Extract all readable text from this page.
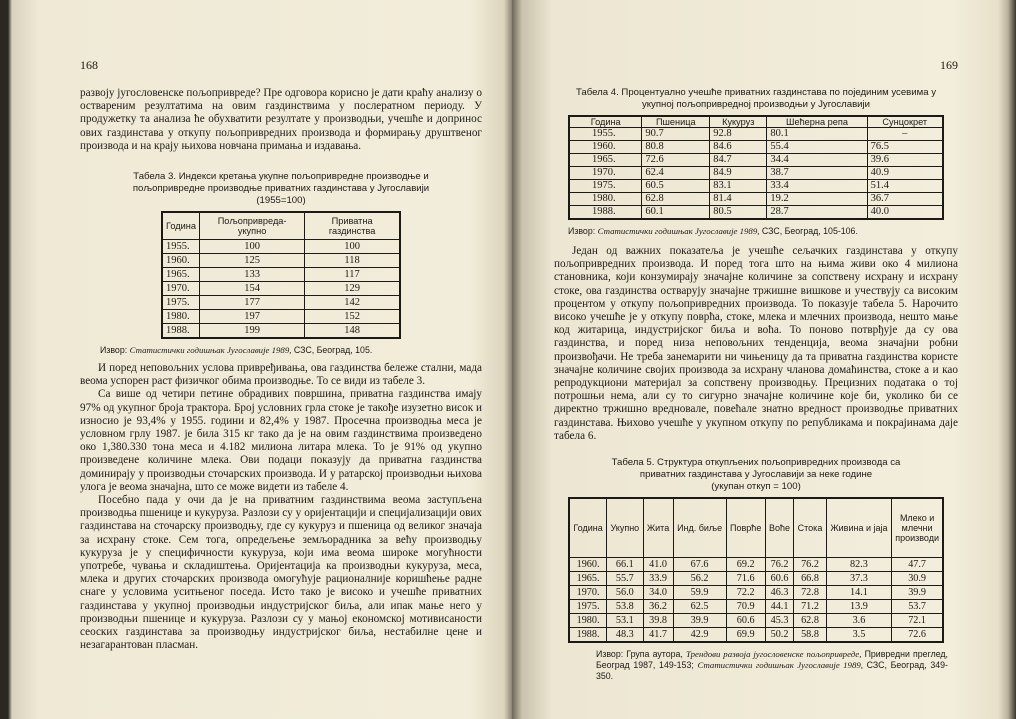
168

развоју југословенске пољопривреде? Пре одговора корисно је дати краћу анализу о оствареним резултатима на овим газдинствима у послератном периоду. У продужетку та анализа ће обухватити резултате у производњи, учешће и допринос ових газдинстава у откупу пољопривредних производа и формирању друштвеног производа и на крају њихова новчана примања и издавања.

Табела 3. Индекси кретања укупне пољопривредне производње и

пољопривредне производње приватних газдинстава у Југославији

(1955=100)

Година	Пољопривреда- укупно	Приватна газдинства
1955.	100	100
1960.	125	118
1965.	133	117
1970.	154	129
1975.	177	142
1980.	197	152
1988.	199	148

Извор: Статистички годишњак Југославије 1989, СЗС, Београд, 105.

И поред неповољних услова привређивања, ова газдинства бележе стални, мада веома успорен раст физичког обима производње. То се види из табеле 3.

Са више од четири петине обрадивих површина, приватна газдинства имају 97% од укупног броја трактора. Број условних грла стоке је такође изузетно висок и износио је 93,4% у 1955. години и 82,4% у 1987. Просечна производња меса је условном грлу 1987. је била 315 кг тако да је на овим газдинствима произведено око 1,380.330 тона меса и 4.182 милиона литара млека. То је 91% од укупно произведене количине млека. Ови подаци показују да приватна газдинства доминирају у производњи сточарских производа. И у ратарској производњи њихова улога је веома значајна, што се може видети из табеле 4.

Посебно пада у очи да је на приватним газдинствима веома заступљена производња пшенице и кукуруза. Разлози су у оријентацији и специјализацији ових газдинстава на сточарску производњу, где су кукуруз и пшеница од великог значаја за исхрану стоке. Сем тога, опредељење земљорадника за већу производњу кукуруза је у специфичности кукуруза, који има веома широке могућности употребе, чувања и складиштења. Оријентација ка производњи кукуруза, меса, млека и других сточарских производа омогућује рационалније коришћење радне снаге у условима уситњеног поседа. Исто тако је високо и учешће приватних газдинстава у укупној производњи индустријског биља, али ипак мање него у производњи пшенице и кукуруза. Разлози су у мањој економској мотивисаности сеоских газдинстава за производњу индустријског биља, нестабилне цене и незагарантован пласман.

169

Табела 4. Процентуално учешће приватних газдинстава по појединим усевима у укупној пољопривредној производњи у Југославији

Година	Пшеница	Кукуруз	Шећерна репа	Сунцокрет
1955.	90.7	92.8	80.1	–
1960.	80.8	84.6	55.4	76.5
1965.	72.6	84.7	34.4	39.6
1970.	62.4	84.9	38.7	40.9
1975.	60.5	83.1	33.4	51.4
1980.	62.8	81.4	19.2	36.7
1988.	60.1	80.5	28.7	40.0

Извор: Статистички годишњак Југославије 1989, СЗС, Београд, 105-106.

Један од важних показатеља је учешће сељачких газдинстава у откупу пољопривредних производа. И поред тога што на њима живи око 4 милиона становника, који конзумирају значајне количине за сопствену исхрану и исхрану стоке, ова газдинства остварују значајне тржишне вишкове и учествују са високим процентом у откупу пољопривредних производа. То показује табела 5. Нарочито високо учешће је у откупу поврћа, стоке, млека и млечних производа, нешто мање код житарица, индустријског биља и воћа. То поново потврђује да су ова газдинства, и поред низа неповољних тенденција, веома значајни робни произвођачи. Не треба занемарити ни чињеницу да та приватна газдинства користе значајне количине својих производа за исхрану чланова домаћинства, стоке а и као репродукциони материјал за сопствену производњу. Прецизних података о тој потрошњи нема, али су то сигурно значајне количине које би, уколико би се директно тржишно вредновале, повећале знатно вредност производње приватних газдинстава. Њихово учешће у укупном откупу по републикама и покрајинама даје табела 6.

Табела 5. Структура откупљених пољопривредних производа са

приватних газдинстава у Југославији за неке године

(укупан откуп = 100)

Година	Укупно	Жита	Инд. биље	Поврће	Воће	Стока	Живина и јаја	Млеко и млечни производи
1960.	66.1	41.0	67.6	69.2	76.2	76.2	82.3	47.7
1965.	55.7	33.9	56.2	71.6	60.6	66.8	37.3	30.9
1970.	56.0	34.0	59.9	72.2	46.3	72.8	14.1	39.9
1975.	53.8	36.2	62.5	70.9	44.1	71.2	13.9	53.7
1980.	53.1	39.8	39.9	60.6	45.3	62.8	3.6	72.1
1988.	48.3	41.7	42.9	69.9	50.2	58.8	3.5	72.6

Извор: Група аутора, Трендови развоја југословенске пољопривреде, Привредни преглед, Београд 1987, 149-153; Статистички годишњак Југославије 1989, СЗС, Београд, 349-350.
